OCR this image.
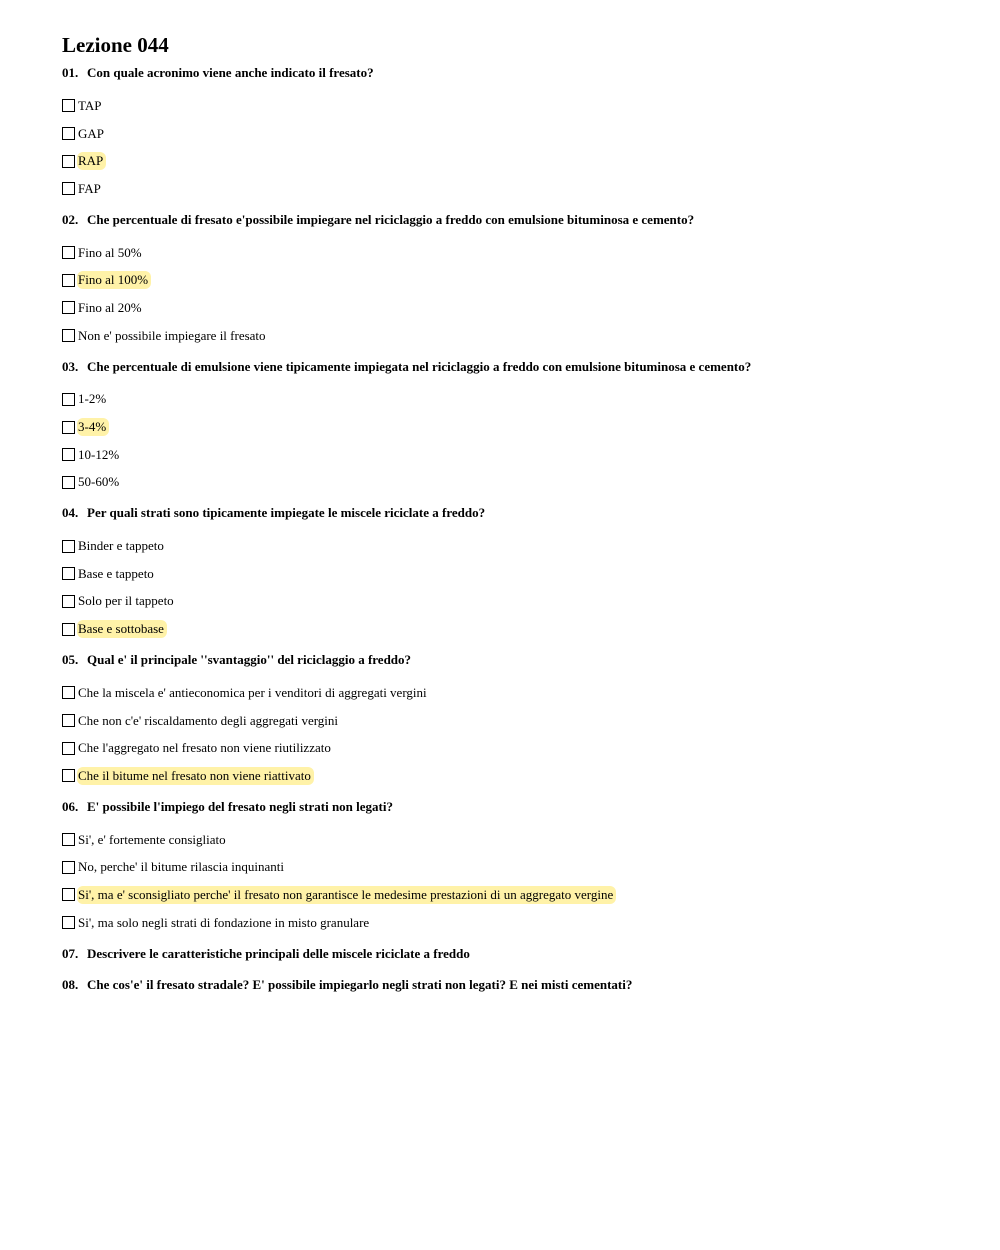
Lezione 044
01. Con quale acronimo viene anche indicato il fresato?
TAP
GAP
RAP
FAP
02. Che percentuale di fresato e'possibile impiegare nel riciclaggio a freddo con emulsione bituminosa e cemento?
Fino al 50%
Fino al 100%
Fino al 20%
Non e' possibile impiegare il fresato
03. Che percentuale di emulsione viene tipicamente impiegata nel riciclaggio a freddo con emulsione bituminosa e cemento?
1-2%
3-4%
10-12%
50-60%
04. Per quali strati sono tipicamente impiegate le miscele riciclate a freddo?
Binder e tappeto
Base e tappeto
Solo per il tappeto
Base e sottobase
05. Qual e' il principale ''svantaggio'' del riciclaggio a freddo?
Che la miscela e' antieconomica per i venditori di aggregati vergini
Che non c'e' riscaldamento degli aggregati vergini
Che l'aggregato nel fresato non viene riutilizzato
Che il bitume nel fresato non viene riattivato
06. E' possibile l'impiego del fresato negli strati non legati?
Si', e' fortemente consigliato
No, perche' il bitume rilascia inquinanti
Si', ma e' sconsigliato perche' il fresato non garantisce le medesime prestazioni di un aggregato vergine
Si', ma solo negli strati di fondazione in misto granulare
07. Descrivere le caratteristiche principali delle miscele riciclate a freddo
08. Che cos'e' il fresato stradale? E' possibile impiegarlo negli strati non legati? E nei misti cementati?
